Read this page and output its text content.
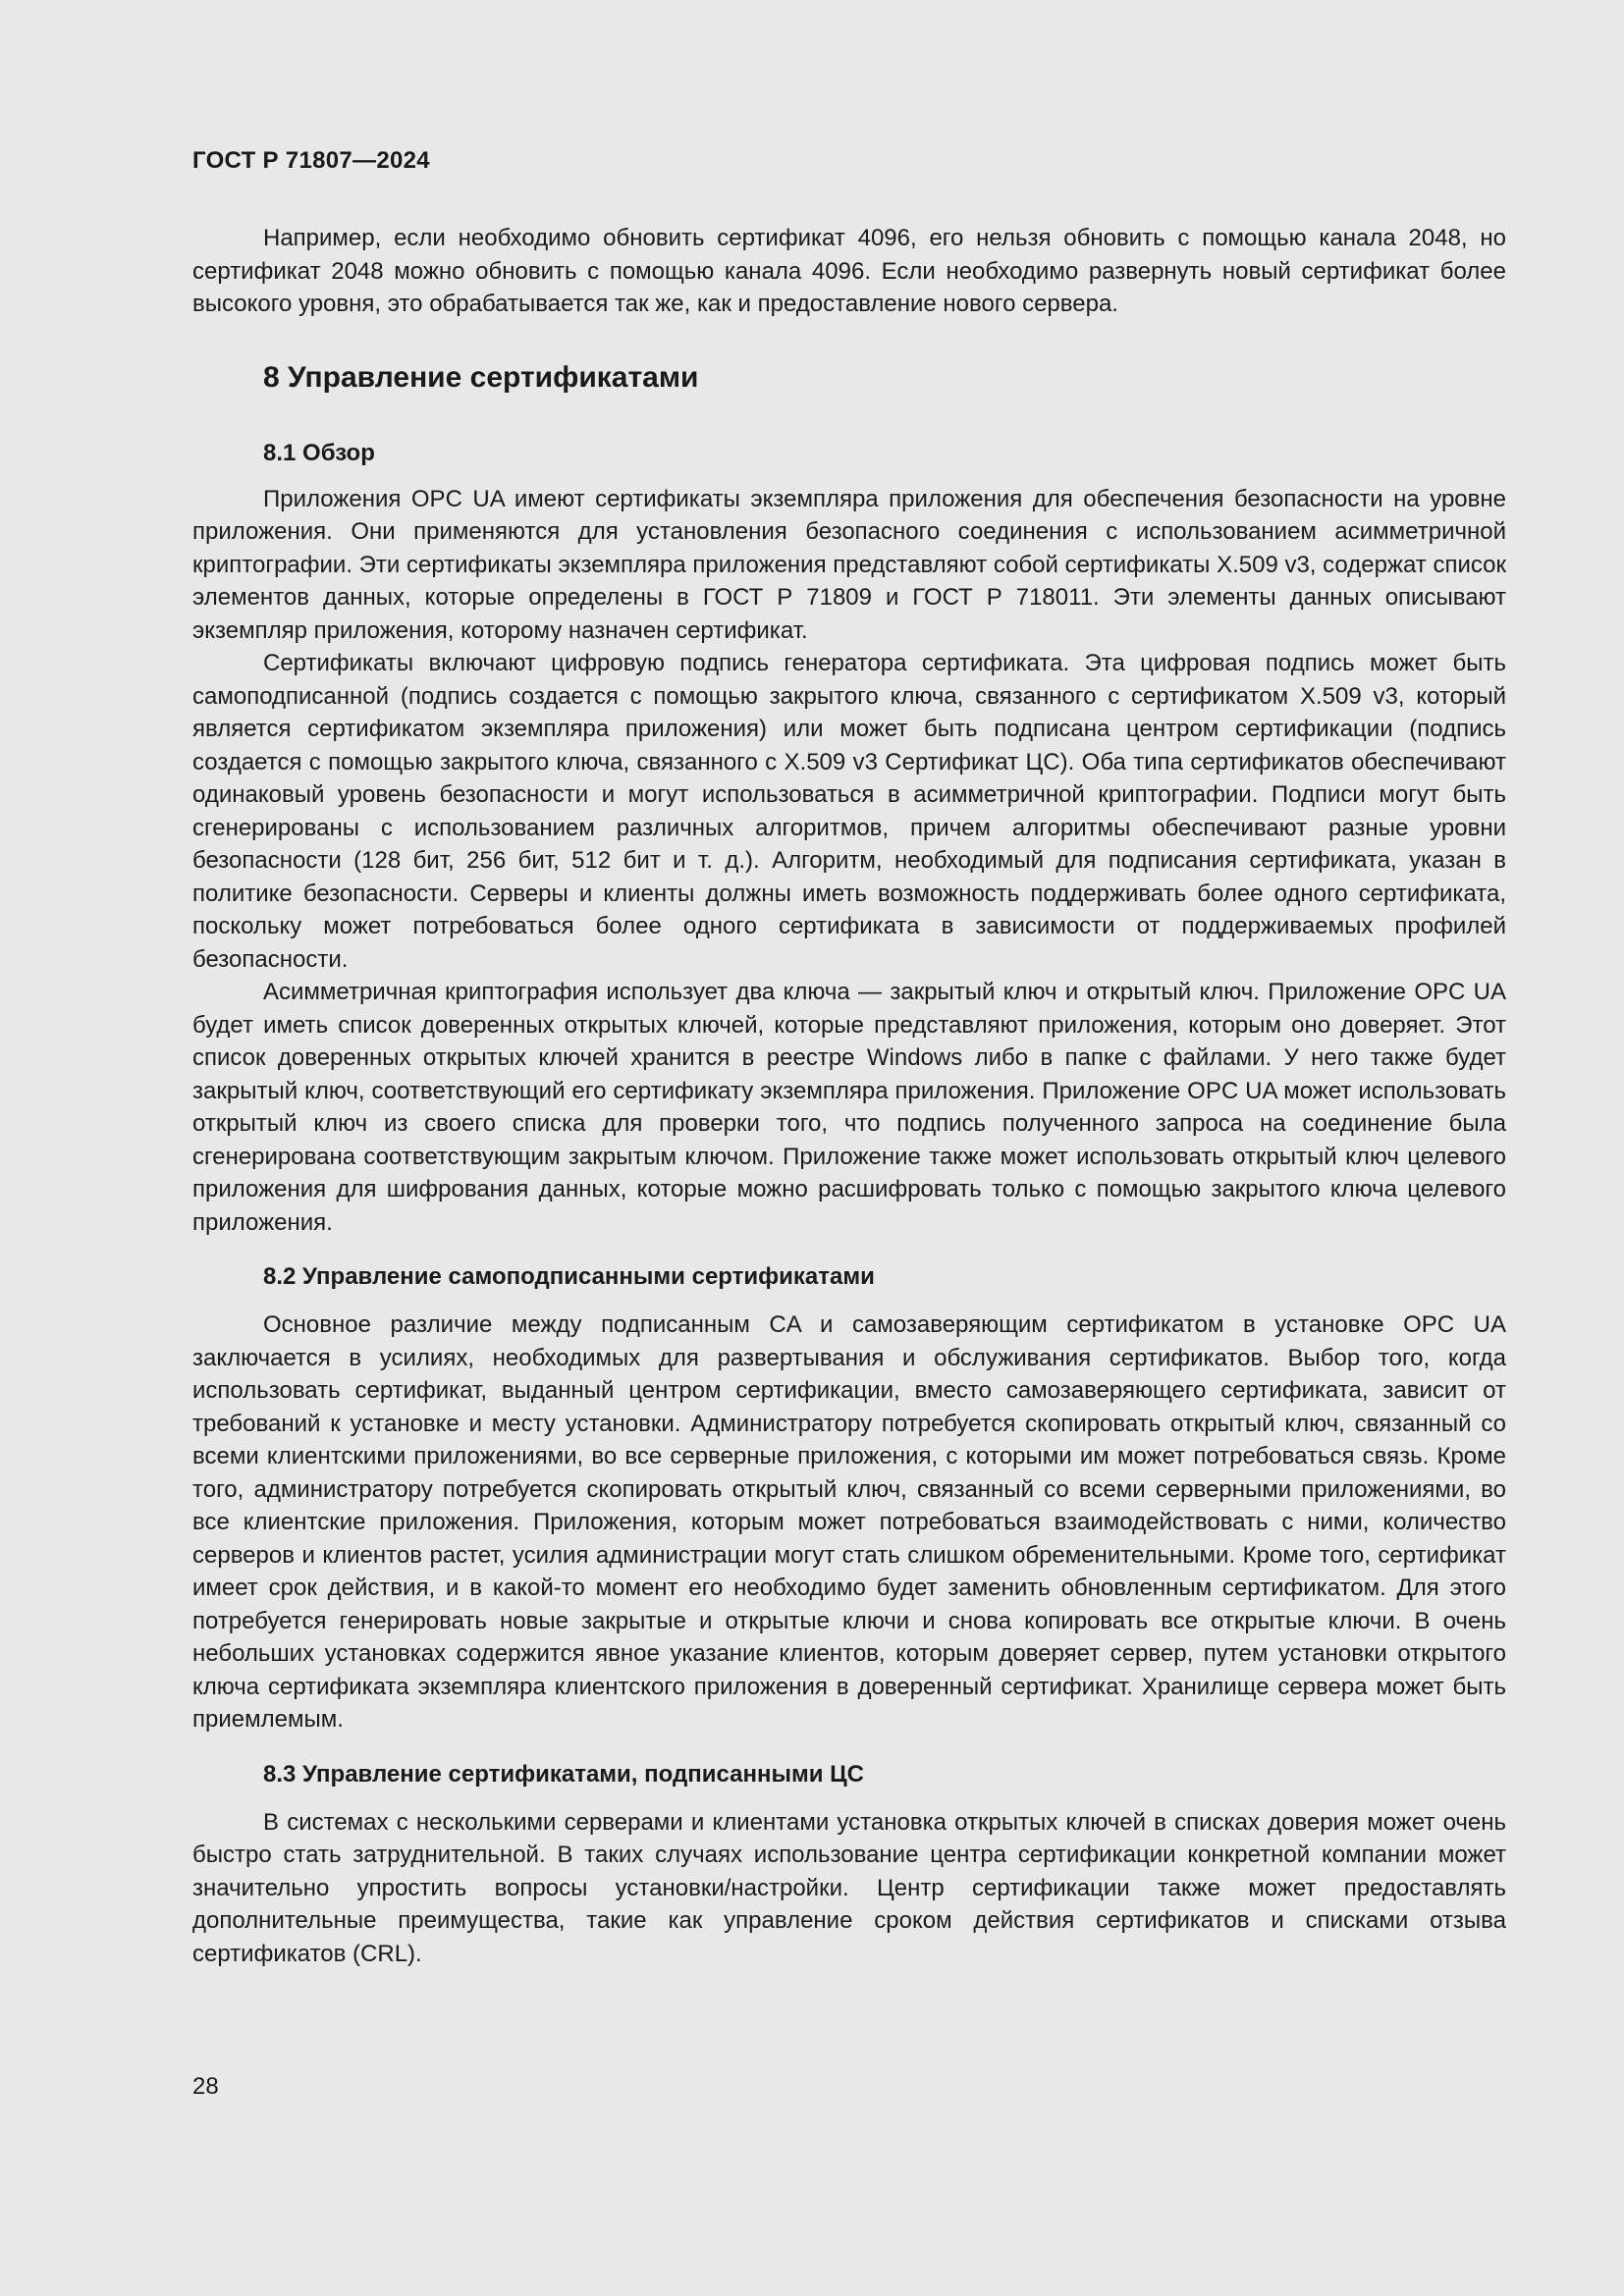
ГОСТ Р 71807—2024

Например, если необходимо обновить сертификат 4096, его нельзя обновить с помощью канала 2048, но сертификат 2048 можно обновить с помощью канала 4096. Если необходимо развернуть новый сертификат более высокого уровня, это обрабатывается так же, как и предоставление нового сервера.

8 Управление сертификатами
8.1 Обзор

Приложения OPC UA имеют сертификаты экземпляра приложения для обеспечения безопасности на уровне приложения. Они применяются для установления безопасного соединения с использованием асимметричной криптографии. Эти сертификаты экземпляра приложения представляют собой сертификаты X.509 v3, содержат список элементов данных, которые определены в ГОСТ Р 71809 и ГОСТ Р 718011. Эти элементы данных описывают экземпляр приложения, которому назначен сертификат.

Сертификаты включают цифровую подпись генератора сертификата. Эта цифровая подпись может быть самоподписанной (подпись создается с помощью закрытого ключа, связанного с сертификатом X.509 v3, который является сертификатом экземпляра приложения) или может быть подписана центром сертификации (подпись создается с помощью закрытого ключа, связанного с X.509 v3 Сертификат ЦС). Оба типа сертификатов обеспечивают одинаковый уровень безопасности и могут использоваться в асимметричной криптографии. Подписи могут быть сгенерированы с использованием различных алгоритмов, причем алгоритмы обеспечивают разные уровни безопасности (128 бит, 256 бит, 512 бит и т. д.). Алгоритм, необходимый для подписания сертификата, указан в политике безопасности. Серверы и клиенты должны иметь возможность поддерживать более одного сертификата, поскольку может потребоваться более одного сертификата в зависимости от поддерживаемых профилей безопасности.

Асимметричная криптография использует два ключа — закрытый ключ и открытый ключ. Приложение OPC UA будет иметь список доверенных открытых ключей, которые представляют приложения, которым оно доверяет. Этот список доверенных открытых ключей хранится в реестре Windows либо в папке с файлами. У него также будет закрытый ключ, соответствующий его сертификату экземпляра приложения. Приложение OPC UA может использовать открытый ключ из своего списка для проверки того, что подпись полученного запроса на соединение была сгенерирована соответствующим закрытым ключом. Приложение также может использовать открытый ключ целевого приложения для шифрования данных, которые можно расшифровать только с помощью закрытого ключа целевого приложения.

8.2 Управление самоподписанными сертификатами

Основное различие между подписанным CA и самозаверяющим сертификатом в установке OPC UA заключается в усилиях, необходимых для развертывания и обслуживания сертификатов. Выбор того, когда использовать сертификат, выданный центром сертификации, вместо самозаверяющего сертификата, зависит от требований к установке и месту установки. Администратору потребуется скопировать открытый ключ, связанный со всеми клиентскими приложениями, во все серверные приложения, с которыми им может потребоваться связь. Кроме того, администратору потребуется скопировать открытый ключ, связанный со всеми серверными приложениями, во все клиентские приложения. Приложения, которым может потребоваться взаимодействовать с ними, количество серверов и клиентов растет, усилия администрации могут стать слишком обременительными. Кроме того, сертификат имеет срок действия, и в какой-то момент его необходимо будет заменить обновленным сертификатом. Для этого потребуется генерировать новые закрытые и открытые ключи и снова копировать все открытые ключи. В очень небольших установках содержится явное указание клиентов, которым доверяет сервер, путем установки открытого ключа сертификата экземпляра клиентского приложения в доверенный сертификат. Хранилище сервера может быть приемлемым.

8.3 Управление сертификатами, подписанными ЦС

В системах с несколькими серверами и клиентами установка открытых ключей в списках доверия может очень быстро стать затруднительной. В таких случаях использование центра сертификации конкретной компании может значительно упростить вопросы установки/настройки. Центр сертификации также может предоставлять дополнительные преимущества, такие как управление сроком действия сертификатов и списками отзыва сертификатов (CRL).

28
